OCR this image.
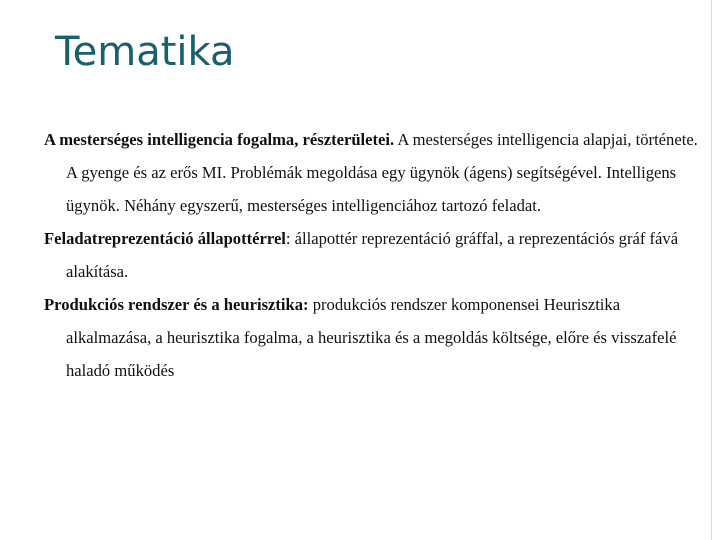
Tematika

A mesterséges intelligencia fogalma, részterületei. A mesterséges intelligencia alapjai, története. A gyenge és az erős MI. Problémák megoldása egy ügynök (ágens) segítségével. Intelligens ügynök. Néhány egyszerű, mesterséges intelligenciához tartozó feladat.

Feladatreprezentáció állapottérrel: állapottér reprezentáció gráffal, a reprezentációs gráf fává alakítása.

Produkciós rendszer és a heurisztika: produkciós rendszer komponensei Heurisztika alkalmazása, a heurisztika fogalma, a heurisztika és a megoldás költsége, előre és visszafelé haladó működés
